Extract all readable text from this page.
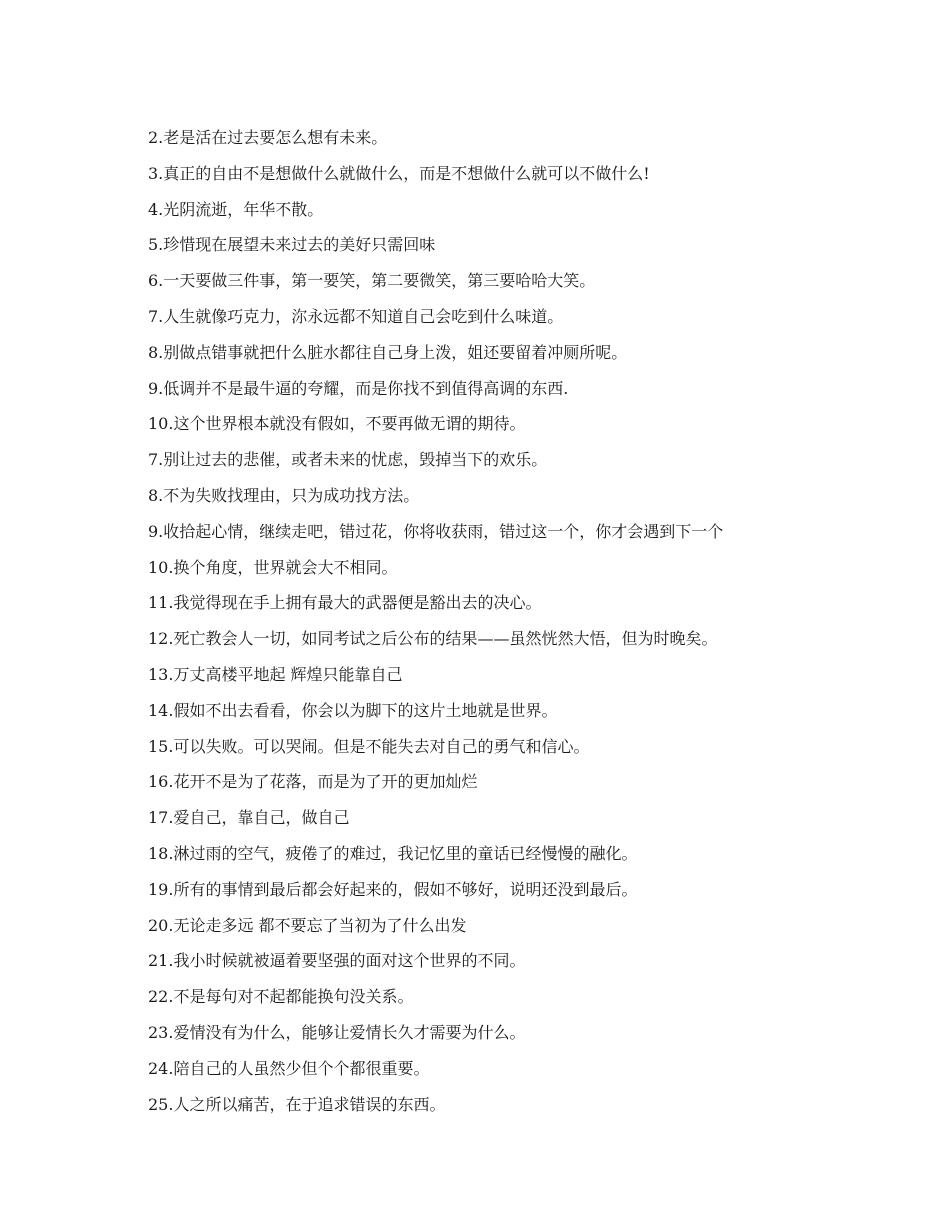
2.老是活在过去要怎么想有未来。
3.真正的自由不是想做什么就做什么，而是不想做什么就可以不做什么!
4.光阴流逝，年华不散。
5.珍惜现在展望未来过去的美好只需回味
6.一天要做三件事，第一要笑，第二要微笑，第三要哈哈大笑。
7.人生就像巧克力，沵永远都不知道自己会吃到什么味道。
8.别做点错事就把什么脏水都往自己身上泼，姐还要留着冲厕所呢。
9.低调并不是最牛逼的夸耀，而是你找不到值得高调的东西.
10.这个世界根本就没有假如，不要再做无谓的期待。
7.别让过去的悲催，或者未来的忧虑，毁掉当下的欢乐。
8.不为失败找理由，只为成功找方法。
9.收拾起心情，继续走吧，错过花，你将收获雨，错过这一个，你才会遇到下一个
10.换个角度，世界就会大不相同。
11.我觉得现在手上拥有最大的武器便是豁出去的决心。
12.死亡教会人一切，如同考试之后公布的结果——虽然恍然大悟，但为时晚矣。
13.万丈高楼平地起 辉煌只能靠自己
14.假如不出去看看，你会以为脚下的这片土地就是世界。
15.可以失败。可以哭闹。但是不能失去对自己的勇气和信心。
16.花开不是为了花落，而是为了开的更加灿烂
17.爱自己，靠自己，做自己
18.淋过雨的空气，疲倦了的难过，我记忆里的童话已经慢慢的融化。
19.所有的事情到最后都会好起来的，假如不够好，说明还没到最后。
20.无论走多远 都不要忘了当初为了什么出发
21.我小时候就被逼着要坚强的面对这个世界的不同。
22.不是每句对不起都能换句没关系。
23.爱情没有为什么，能够让爱情长久才需要为什么。
24.陪自己的人虽然少但个个都很重要。
25.人之所以痛苦，在于追求错误的东西。
